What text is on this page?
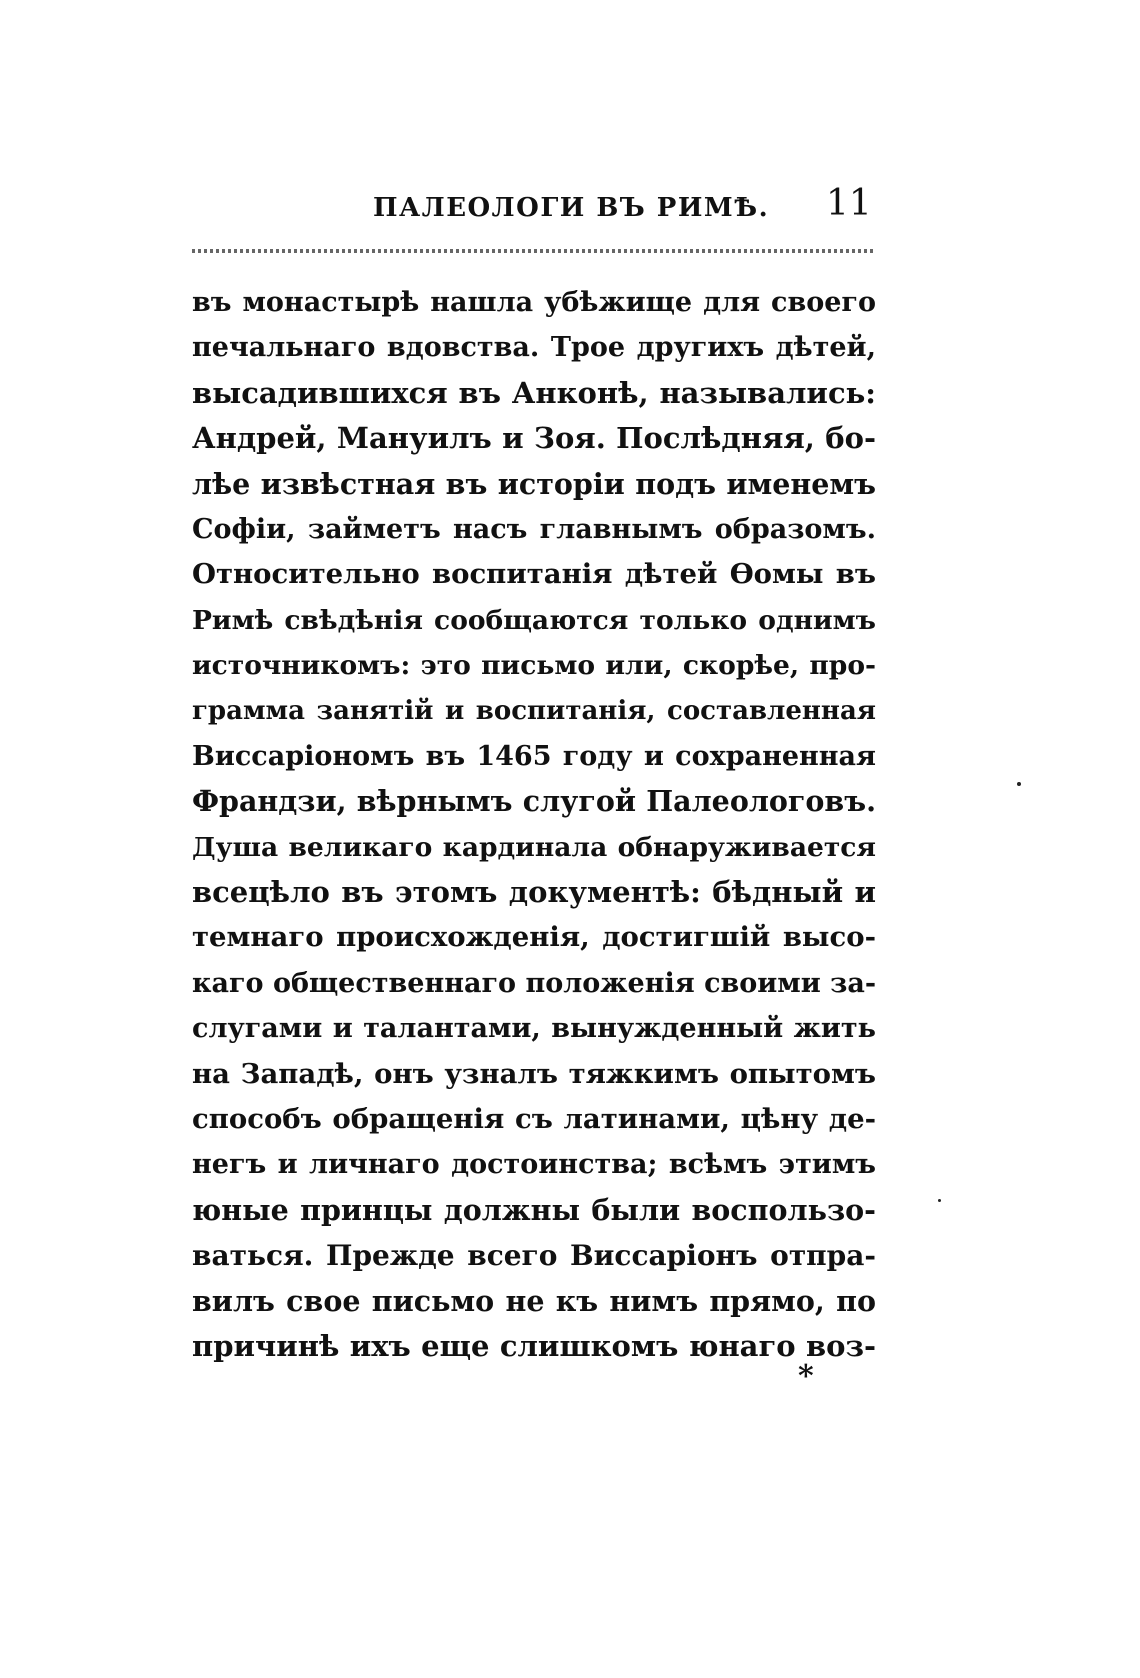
ПАЛЕОЛОГИ ВЪ РИМѢ. 11
въ монастырѣ нашла убѣжище для своего
печальнаго вдовства. Трое другихъ дѣтей,
высадившихся въ Анконѣ, назывались:
Андрей, Мануилъ и Зоя. Послѣдняя, бо-
лѣе извѣстная въ исторіи подъ именемъ
Софіи, займетъ насъ главнымъ образомъ.
Относительно воспитанія дѣтей Ѳомы въ
Римѣ свѣдѣнія сообщаются только однимъ
источникомъ: это письмо или, скорѣе, про-
грамма занятій и воспитанія, составленная
Виссаріономъ въ 1465 году и сохраненная
Франдзи, вѣрнымъ слугой Палеологовъ.
Душа великаго кардинала обнаруживается
всецѣло въ этомъ документѣ: бѣдный и
темнаго происхожденія, достигшій высо-
каго общественнаго положенія своими за-
слугами и талантами, вынужденный жить
на Западѣ, онъ узналъ тяжкимъ опытомъ
способъ обращенія съ латинами, цѣну де-
негъ и личнаго достоинства; всѣмъ этимъ
юные принцы должны были воспользо-
ваться. Прежде всего Виссаріонъ отпра-
вилъ свое письмо не къ нимъ прямо, по
причинѣ ихъ еще слишкомъ юнаго воз-
*
